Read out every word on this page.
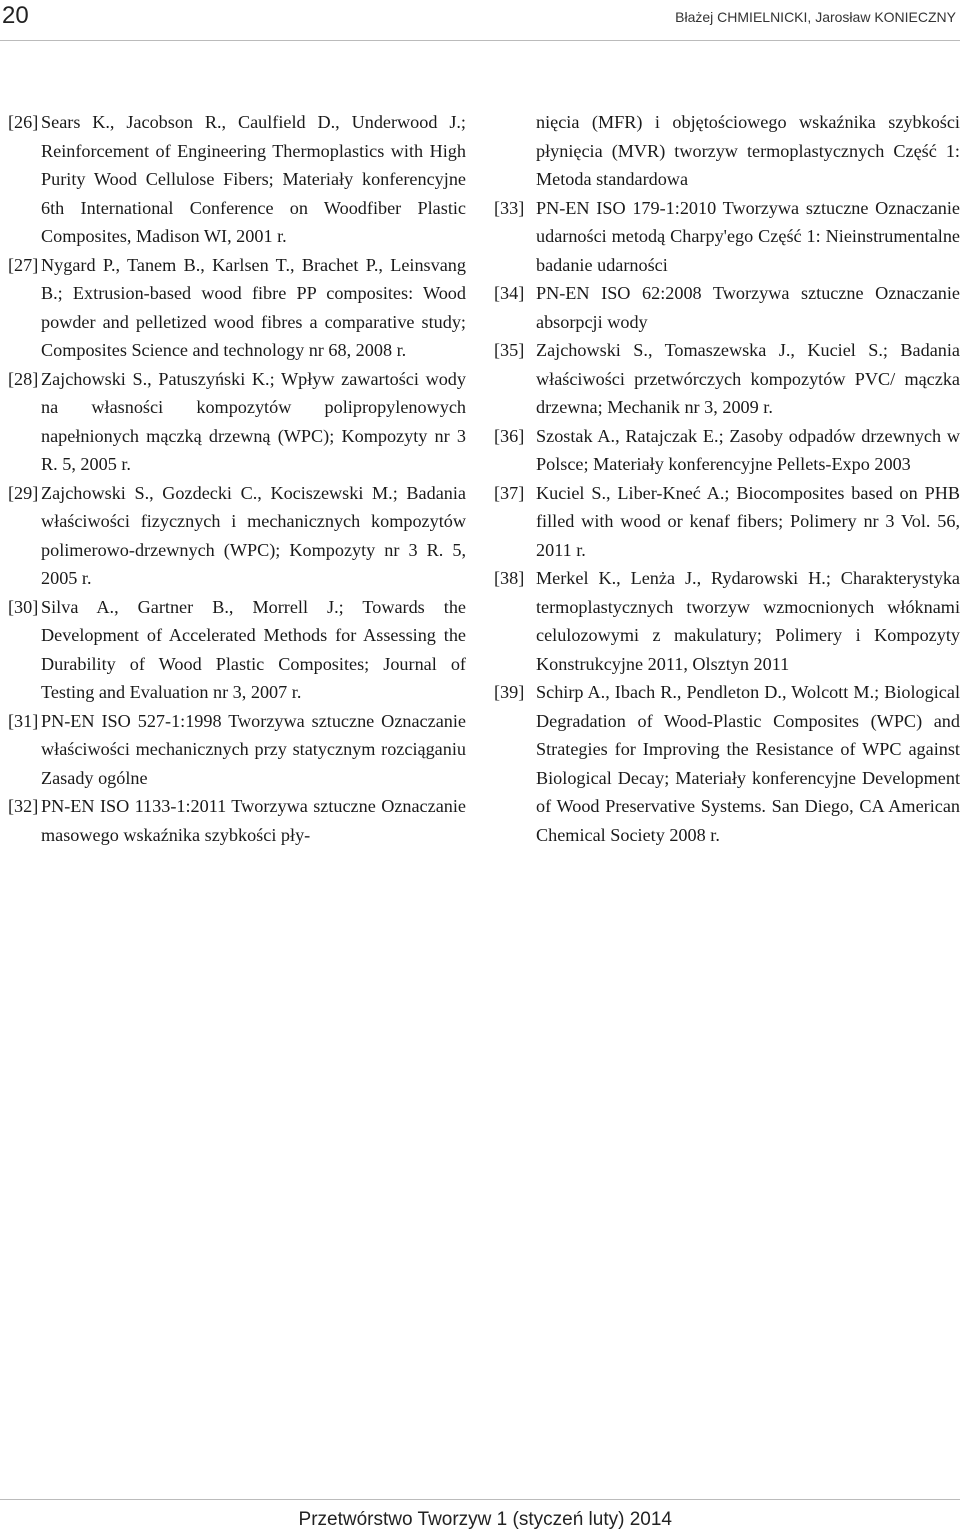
20	Błażej CHMIELNICKI, Jarosław KONIECZNY
[26] Sears K., Jacobson R., Caulfield D., Underwood J.; Reinforcement of Engineering Thermoplastics with High Purity Wood Cellulose Fibers; Materiały konferencyjne 6th International Conference on Woodfiber Plastic Composites, Madison WI, 2001 r.
[27] Nygard P., Tanem B., Karlsen T., Brachet P., Leinsvang B.; Extrusion-based wood fibre PP composites: Wood powder and pelletized wood fibres a comparative study; Composites Science and technology nr 68, 2008 r.
[28] Zajchowski S., Patuszyński K.; Wpływ zawartości wody na własności kompozytów polipropylenowych napełnionych mączką drzewną (WPC); Kompozyty nr 3 R. 5, 2005 r.
[29] Zajchowski S., Gozdecki C., Kociszewski M.; Badania właściwości fizycznych i mechanicznych kompozytów polimerowo-drzewnych (WPC); Kompozyty nr 3 R. 5, 2005 r.
[30] Silva A., Gartner B., Morrell J.; Towards the Development of Accelerated Methods for Assessing the Durability of Wood Plastic Composites; Journal of Testing and Evaluation nr 3, 2007 r.
[31] PN-EN ISO 527-1:1998 Tworzywa sztuczne Oznaczanie właściwości mechanicznych przy statycznym rozciąganiu Zasady ogólne
[32] PN-EN ISO 1133-1:2011 Tworzywa sztuczne Oznaczanie masowego wskaźnika szybkości pły-
nięcia (MFR) i objętościowego wskaźnika szybkości płynięcia (MVR) tworzyw termoplastycznych Część 1: Metoda standardowa
[33] PN-EN ISO 179-1:2010 Tworzywa sztuczne Oznaczanie udarności metodą Charpy'ego Część 1: Nieinstrumentalne badanie udarności
[34] PN-EN ISO 62:2008 Tworzywa sztuczne Oznaczanie absorpcji wody
[35] Zajchowski S., Tomaszewska J., Kuciel S.; Badania właściwości przetwórczych kompozytów PVC/ mączka drzewna; Mechanik nr 3, 2009 r.
[36] Szostak A., Ratajczak E.; Zasoby odpadów drzewnych w Polsce; Materiały konferencyjne Pellets-Expo 2003
[37] Kuciel S., Liber-Kneć A.; Biocomposites based on PHB filled with wood or kenaf fibers; Polimery nr 3 Vol. 56, 2011 r.
[38] Merkel K., Lenża J., Rydarowski H.; Charakterystyka termoplastycznych tworzyw wzmocnionych włóknami celulozowymi z makulatury; Polimery i Kompozyty Konstrukcyjne 2011, Olsztyn 2011
[39] Schirp A., Ibach R., Pendleton D., Wolcott M.; Biological Degradation of Wood-Plastic Composites (WPC) and Strategies for Improving the Resistance of WPC against Biological Decay; Materiały konferencyjne Development of Wood Preservative Systems. San Diego, CA American Chemical Society 2008 r.
Przetwórstwo Tworzyw 1 (styczeń luty) 2014
